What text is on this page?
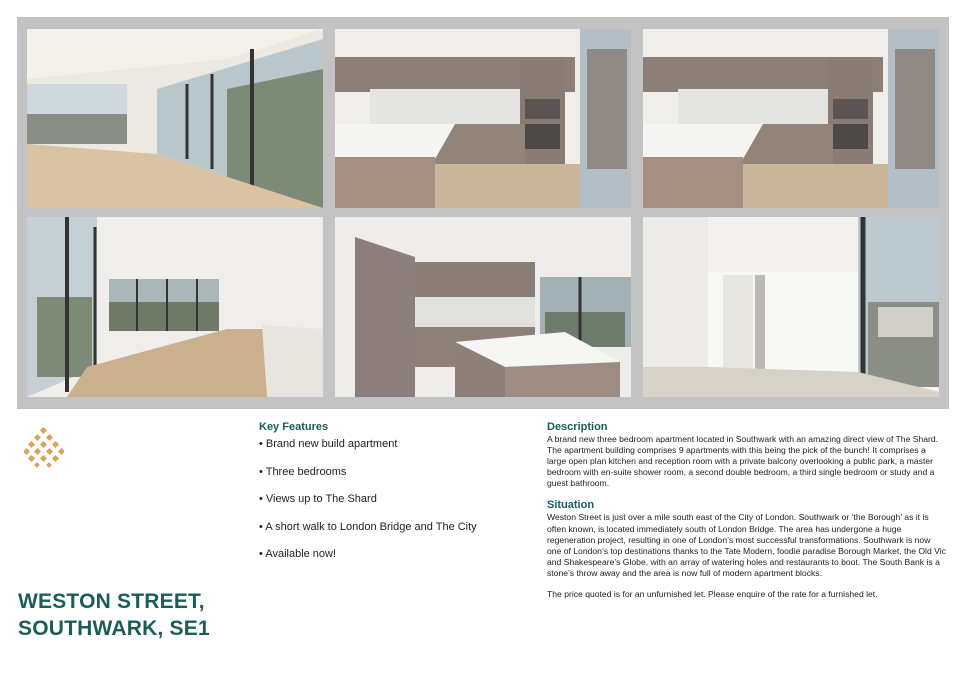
WESTON STREET,
SOUTHWARK, SE1
Key Features
• Brand new build apartment
• Three bedrooms
• Views up to The Shard
• A short walk to London Bridge and The City
• Available now!
Description

A brand new three bedroom apartment located in Southwark with an amazing direct view of The Shard. The apartment building comprises 9 apartments with this being the pick of the bunch! It comprises a large open plan kitchen and reception room with a private balcony overlooking a public park, a master bedroom with en-suite shower room, a second double bedroom, a third single bedroom or study and a guest bathroom.

Situation

Weston Street is just over a mile south east of the City of London. Southwark or ‘the Borough’ as it is often known, is located immediately south of London Bridge. The area has undergone a huge regeneration project, resulting in one of London’s most successful transformations. Southwark is now one of London’s top destinations thanks to the Tate Modern, foodie paradise Borough Market, the Old Vic and Shakespeare’s Globe, with an array of watering holes and restaurants to boot. The South Bank is a stone’s throw away and the area is now full of modern apartment blocks.

The price quoted is for an unfurnished let. Please enquire of the rate for a furnished let.
